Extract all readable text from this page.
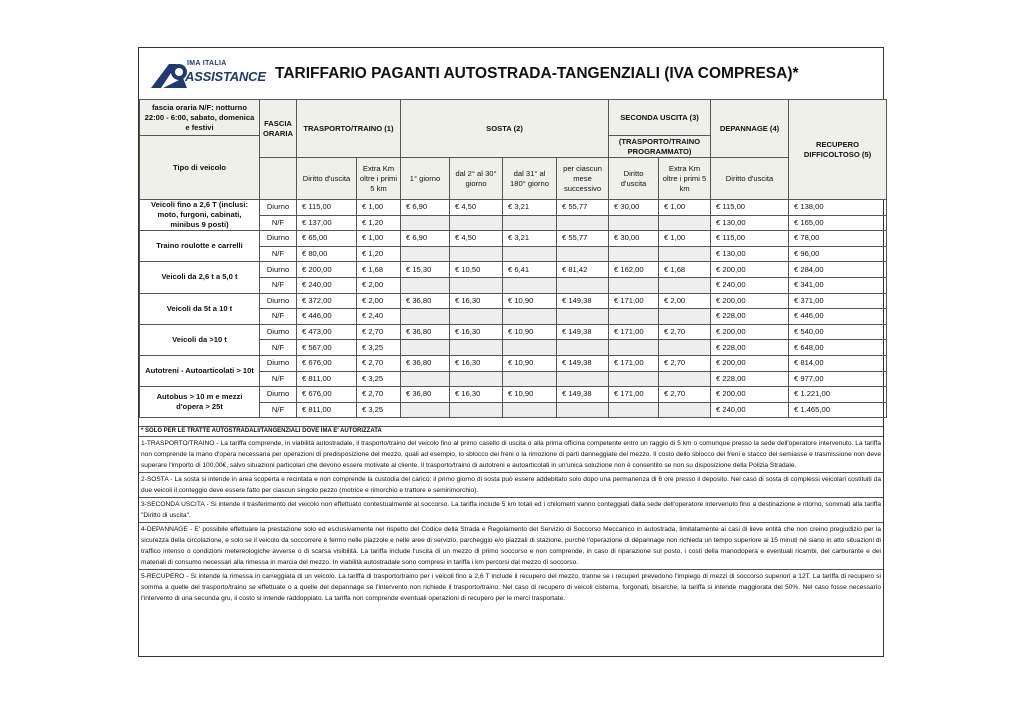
IMA ITALIA
ASSISTANCE TARIFFARIO PAGANTI AUTOSTRADA-TANGENZIALI (IVA COMPRESA)*
fascia oraria N/F: notturno 22:00 - 6:00, sabato, domenica e festivi	FASCIA ORARIA	TRASPORTO/TRAINO (1)		SOSTA (2)				SECONDA USCITA (3)		DEPANNAGE (4)	RECUPERO DIFFICOLTOSO (5)
Tipo di veicolo								(TRASPORTO/TRAINO PROGRAMMATO)			
		Diritto d'uscita	Extra Km oltre i primi 5 km	1° giorno	dal 2° al 30° giorno	dal 31° al 180° giorno	per ciascun mese successivo	Diritto d'uscita	Extra Km oltre i primi 5 km	Diritto d'uscita	
Veicoli fino a 2,6 T (inclusi: moto, furgoni, cabinati, minibus 9 posti)	Diurno	€ 115,00	€ 1,00	€ 6,90	€ 4,50	€ 3,21	€ 55,77	€ 30,00	€ 1,00	€ 115,00	€ 138,00
	N/F	€ 137,00	€ 1,20							€ 130,00	€ 165,00
Traino roulotte e carrelli	Diurno	€ 65,00	€ 1,00	€ 6,90	€ 4,50	€ 3,21	€ 55,77	€ 30,00	€ 1,00	€ 115,00	€ 78,00
	N/F	€ 80,00	€ 1,20							€ 130,00	€ 96,00
Veicoli da 2,6 t a 5,0 t	Diurno	€ 200,00	€ 1,68	€ 15,30	€ 10,50	€ 6,41	€ 81,42	€ 162,00	€ 1,68	€ 200,00	€ 284,00
	N/F	€ 240,00	€ 2,00							€ 240,00	€ 341,00
Veicoli da 5t a 10 t	Diurno	€ 372,00	€ 2,00	€ 36,80	€ 16,30	€ 10,90	€ 149,38	€ 171,00	€ 2,00	€ 200,00	€ 371,00
	N/F	€ 446,00	€ 2,40							€ 228,00	€ 446,00
Veicoli da >10 t	Diurno	€ 473,00	€ 2,70	€ 36,80	€ 16,30	€ 10,90	€ 149,38	€ 171,00	€ 2,70	€ 200,00	€ 540,00
	N/F	€ 567,00	€ 3,25							€ 228,00	€ 648,00
Autotreni - Autoarticolati > 10t	Diurno	€ 676,00	€ 2,70	€ 36,80	€ 16,30	€ 10,90	€ 149,38	€ 171,00	€ 2,70	€ 200,00	€ 814,00
	N/F	€ 811,00	€ 3,25							€ 228,00	€ 977,00
Autobus > 10 m e mezzi d'opera > 25t	Diurno	€ 676,00	€ 2,70	€ 36,80	€ 16,30	€ 10,90	€ 149,38	€ 171,00	€ 2,70	€ 200,00	€ 1.221,00
	N/F	€ 811,00	€ 3,25							€ 240,00	€ 1.465,00
* SOLO PER LE TRATTE AUTOSTRADALI/TANGENZIALI DOVE IMA E' AUTORIZZATA
1-TRASPORTO/TRAINO - La tariffa comprende, in viabilità autostradale, il trasporto/traino del veicolo fino al primo casello di uscita o alla prima officina competente entro un raggio di 5 km o comunque presso la sede dell'operatore intervenuto. La tariffa non comprende la mano d'opera necessaria per operazioni di predisposizione del mezzo, quali ad esempio, lo sblocco dei freni o la rimozione di parti danneggiate del mezzo. Il costo dello sblocco dei freni e stacco del semiasse e trasmissione non deve superare l'importo di 100,00€, salvo situazioni particolari che devono essere motivate al cliente. Il trasporto/traino di autotreni e autoarticolati in un'unica soluzione non è consentito se non su disposizione della Polizia Stradale.
2-SOSTA - La sosta si intende in area scoperta e recintata e non comprende la custodia del carico: il primo giorno di sosta può essere addebitato solo dopo una permanenza di 6 ore presso il deposito. Nel caso di sosta di complessi veicolari costituiti da due veicoli il conteggio deve essere fatto per ciascun singolo pezzo (motrice e rimorchio e trattore e semirimorchio).
3-SECONDA USCITA - Si intende il trasferimento del veicolo non effettuato contestualmente al soccorso. La tariffa include 5 km totali ed i chilometri vanno conteggiati dalla sede dell'operatore intervenuto fino a destinazione e ritorno, sommati alla tariffa "Diritto di uscita".
4-DEPANNAGE - E' possibile effettuare la prestazione solo ed esclusivamente nel rispetto del Codice della Strada e Regolamento del Servizio di Soccorso Meccanico in autostrada, limitatamente ai casi di lieve entità che non creino pregiudizio per la sicurezza della circolazione, e solo se il veicolo da soccorrere è fermo nelle piazzole e nelle aree di servizio, parcheggio e/o piazzali di stazione, purché l'operazione di dépannage non richieda un tempo superiore ai 15 minuti né siano in atto situazioni di traffico intenso o condizioni metereologiche avverse o di scarsa visibilità. La tariffa include l'uscita di un mezzo di primo soccorso e non comprende, in caso di riparazione sul posto, i costi della manodopera e eventuali ricambi, del carburante e dei materiali di consumo necessari alla rimessa in marcia del mezzo. In viabilità autostradale sono compresi in tariffa i km percorsi dal mezzo di soccorso.
5-RECUPERO - Si intende la rimessa in carreggiata di un veicolo. La tariffa di trasporto/traino per i veicoli fino a 2,6 T include il recupero del mezzo, tranne se i recuperi prevedono l'impiego di mezzi di soccorso superiori a 12T. La tariffa di recupero si somma a quelle del trasporto/traino se effettuate o a quelle del depannage se l'intervento non richiede il trasporto/traino. Nel caso di recupero di veicoli cisterna, furgonati, bisarche, la tariffa si intende maggiorata del 50%. Nel caso fosse necessario l'intervento di una seconda gru, il costo si intende raddoppiato. La tariffa non comprende eventuali operazioni di recupero per le merci trasportate.
